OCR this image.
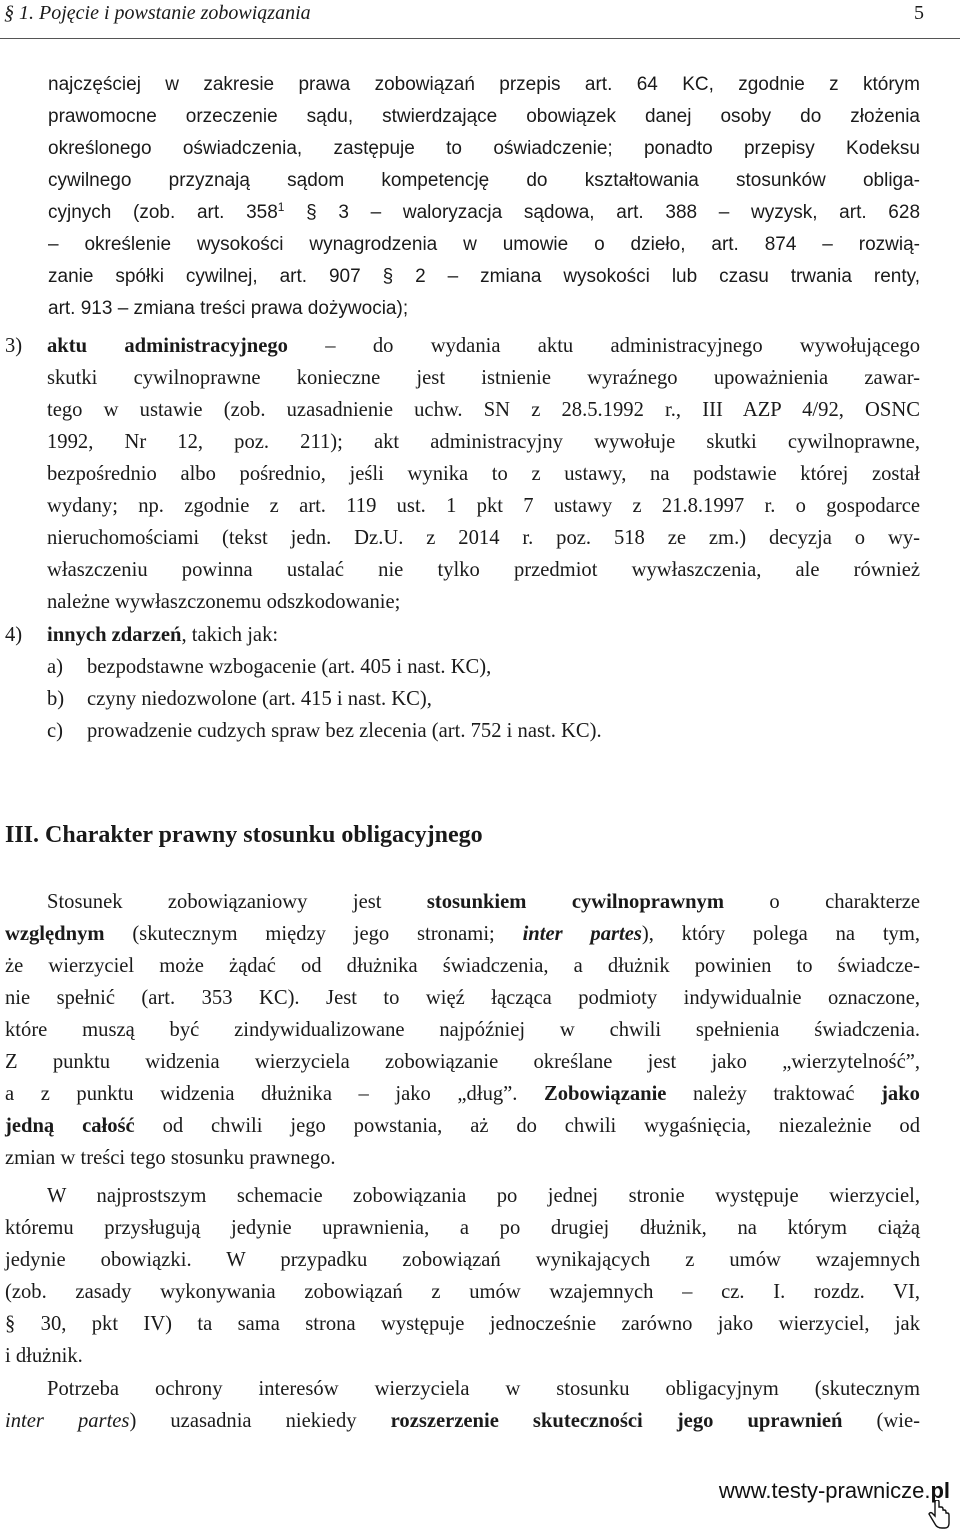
§ 1. Pojęcie i powstanie zobowiązania	5
najczęściej w zakresie prawa zobowiązań przepis art. 64 KC, zgodnie z którym
prawomocne orzeczenie sądu, stwierdzające obowiązek danej osoby do złożenia
określonego oświadczenia, zastępuje to oświadczenie; ponadto przepisy Kodeksu
cywilnego przyznają sądom kompetencję do kształtowania stosunków obliga-
cyjnych (zob. art. $358^1$ § 3 – waloryzacja sądowa, art. 388 – wyzysk, art. 628
– określenie wysokości wynagrodzenia w umowie o dzieło, art. 874 – rozwią-
zanie spółki cywilnej, art. 907 § 2 – zmiana wysokości lub czasu trwania renty,
art. 913 – zmiana treści prawa dożywocia);
3) aktu administracyjnego – do wydania aktu administracyjnego wywołującego
skutki cywilnoprawne konieczne jest istnienie wyraźnego upoważnienia zawar-
tego w ustawie (zob. uzasadnienie uchw. SN z 28.5.1992 r., III AZP 4/92, OSNC
1992, Nr 12, poz. 211); akt administracyjny wywołuje skutki cywilnoprawne,
bezpośrednio albo pośrednio, jeśli wynika to z ustawy, na podstawie której został
wydany; np. zgodnie z art. 119 ust. 1 pkt 7 ustawy z 21.8.1997 r. o gospodarce
nieruchomościami (tekst jedn. Dz.U. z 2014 r. poz. 518 ze zm.) decyzja o wy-
właszczeniu powinna ustalać nie tylko przedmiot wywłaszczenia, ale również
należne wywłaszczonemu odszkodowanie;
4) innych zdarzeń, takich jak:
a) bezpodstawne wzbogacenie (art. 405 i nast. KC),
b) czyny niedozwolone (art. 415 i nast. KC),
c) prowadzenie cudzych spraw bez zlecenia (art. 752 i nast. KC).
III. Charakter prawny stosunku obligacyjnego
Stosunek zobowiązaniowy jest stosunkiem cywilnoprawnym o charakterze
względnym (skutecznym między jego stronami; inter partes), który polega na tym,
że wierzyciel może żądać od dłużnika świadczenia, a dłużnik powinien to świadcze-
nie spełnić (art. 353 KC). Jest to więź łącząca podmioty indywidualnie oznaczone,
które muszą być zindywidualizowane najpóźniej w chwili spełnienia świadczenia.
Z punktu widzenia wierzyciela zobowiązanie określane jest jako „wierzytelność”,
a z punktu widzenia dłużnika – jako „dług”. Zobowiązanie należy traktować jako
jedną całość od chwili jego powstania, aż do chwili wygaśnięcia, niezależnie od
zmian w treści tego stosunku prawnego.
W najprostszym schemacie zobowiązania po jednej stronie występuje wierzyciel,
któremu przysługują jedynie uprawnienia, a po drugiej dłużnik, na którym ciążą
jedynie obowiązki. W przypadku zobowiązań wynikających z umów wzajemnych
(zob. zasady wykonywania zobowiązań z umów wzajemnych – cz. I. rozdz. VI,
§ 30, pkt IV) ta sama strona występuje jednocześnie zarówno jako wierzyciel, jak
i dłużnik.
Potrzeba ochrony interesów wierzyciela w stosunku obligacyjnym (skutecznym
inter partes) uzasadnia niekiedy rozszerzenie skuteczności jego uprawnień (wie-
www.testy-prawnicze.pl
